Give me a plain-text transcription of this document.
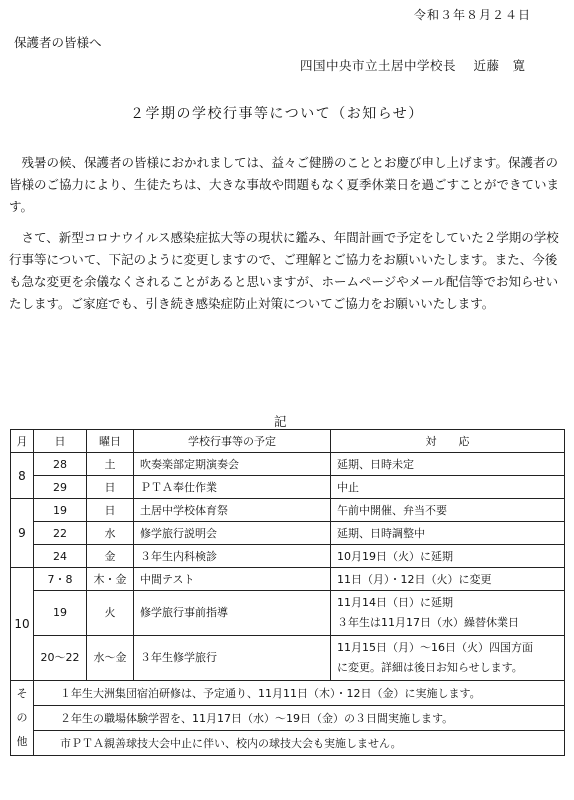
令和３年８月２４日
保護者の皆様へ
四国中央市立土居中学校長　 近藤　寛
２学期の学校行事等について（お知らせ）

　残暑の候、保護者の皆様におかれましては、益々ご健勝のこととお慶び申し上げます。保護者の皆様のご協力により、生徒たちは、大きな事故や問題もなく夏季休業日を過ごすことができています。

　さて、新型コロナウイルス感染症拡大等の現状に鑑み、年間計画で予定をしていた２学期の学校行事等について、下記のように変更しますので、ご理解とご協力をお願いいたします。また、今後も急な変更を余儀なくされることがあると思いますが、ホームページやメール配信等でお知らせいたします。ご家庭でも、引き続き感染症防止対策についてご協力をお願いいたします。

記
月	日	曜日	学校行事等の予定	対　　応
8	28	土	吹奏楽部定期演奏会	延期、日時未定
	29	日	ＰＴＡ奉仕作業	中止
9	19	日	土居中学校体育祭	午前中開催、弁当不要
	22	水	修学旅行説明会	延期、日時調整中
	24	金	３年生内科検診	10月19日（火）に延期
10	7・8	木・金	中間テスト	11日（月）・12日（火）に変更
	19	火	修学旅行事前指導	11月14日（日）に延期
３年生は11月17日（水）繰替休業日

	20～22	水～金	３年生修学旅行	11月15日（月）～16日（火）四国方面
に変更。詳細は後日お知らせします。

そ
の
他	１年生大洲集団宿泊研修は、予定通り、11月11日（木）・12日（金）に実施します。			
	２年生の職場体験学習を、11月17日（水）～19日（金）の３日間実施します。			
	市ＰＴＡ親善球技大会中止に伴い、校内の球技大会も実施しません。			
